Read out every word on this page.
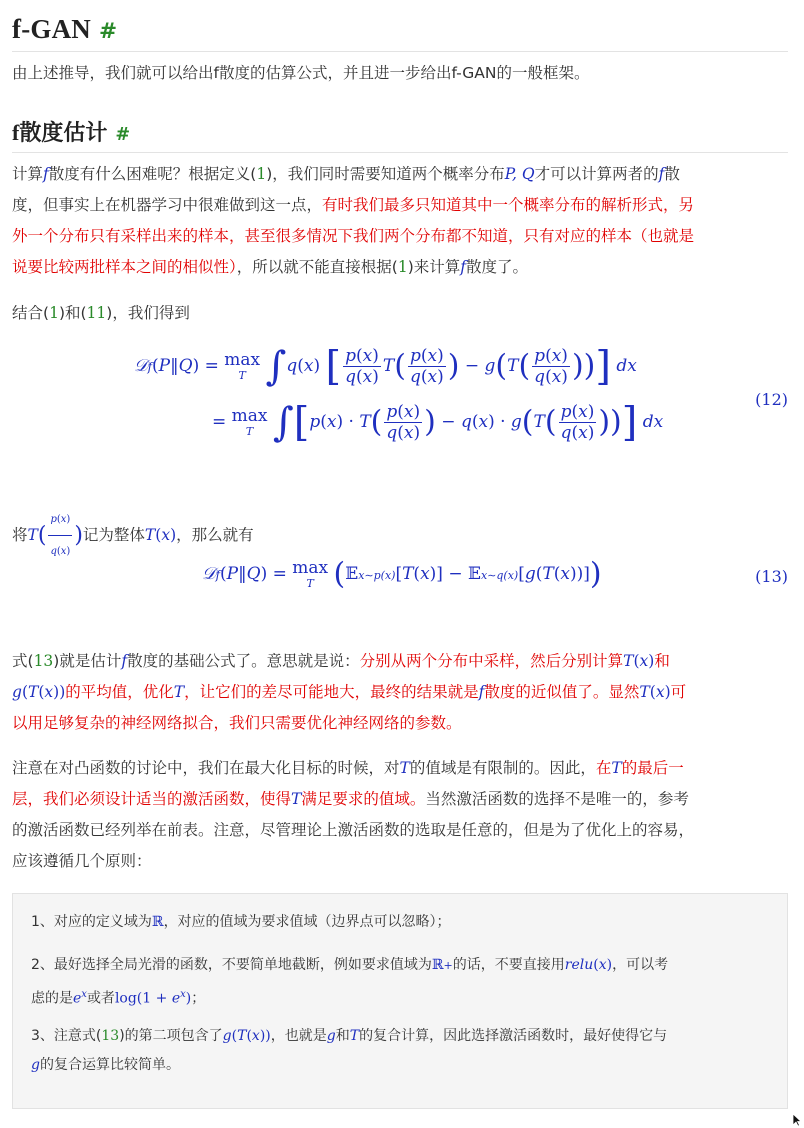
f-GAN #

由上述推导，我们就可以给出f散度的估算公式，并且进一步给出f-GAN的一般框架。

f散度估计 #

计算f散度有什么困难呢？根据定义(1)，我们同时需要知道两个概率分布P, Q才可以计算两者的f散
度，但事实上在机器学习中很难做到这一点，有时我们最多只知道其中一个概率分布的解析形式，另
外一个分布只有采样出来的样本，甚至很多情况下我们两个分布都不知道，只有对应的样本（也就是
说要比较两批样本之间的相似性），所以就不能直接根据(1)来计算f散度了。

结合(1)和(11)，我们得到

𝒟f(P‖Q) = max
T ∫q(x) [ $\frac{p(x)}{q(x)} T( \frac{p(x)}{q(x)}$ ) − $g(T( \frac{p(x)}{q(x)}$ ))] dx
= max
T $\int[p(x) \cdot T( \frac{p(x)}{q(x)}$ ) − $q(x) \cdot g(T( \frac{p(x)}{q(x)}$ ))] dx
(12)

将$T( \frac{p(x)}{q(x)}$ )记为整体T(x)，那么就有

𝒟f(P‖Q) = max
T (𝔼x∼p(x)[T(x)] − 𝔼x∼q(x)[g(T(x))])	(13)

式(13)就是估计f散度的基础公式了。意思就是说：分别从两个分布中采样，然后分别计算T(x)和
g(T(x))的平均值，优化T，让它们的差尽可能地大，最终的结果就是f散度的近似值了。显然T(x)可
以用足够复杂的神经网络拟合，我们只需要优化神经网络的参数。

注意在对凸函数的讨论中，我们在最大化目标的时候，对T的值域是有限制的。因此，在T的最后一
层，我们必须设计适当的激活函数，使得T满足要求的值域。当然激活函数的选择不是唯一的，参考
的激活函数已经列举在前表。注意，尽管理论上激活函数的选取是任意的，但是为了优化上的容易，
应该遵循几个原则：

1、对应的定义域为ℝ，对应的值域为要求值域（边界点可以忽略）；

2、最好选择全局光滑的函数，不要简单地截断，例如要求值域为ℝ+的话，不要直接用relu(x)，可以考
虑的是$e^x$或者$\log(1 + e^x)$；

3、注意式(13)的第二项包含了g(T(x))，也就是g和T的复合计算，因此选择激活函数时，最好使得它与
g的复合运算比较简单。
